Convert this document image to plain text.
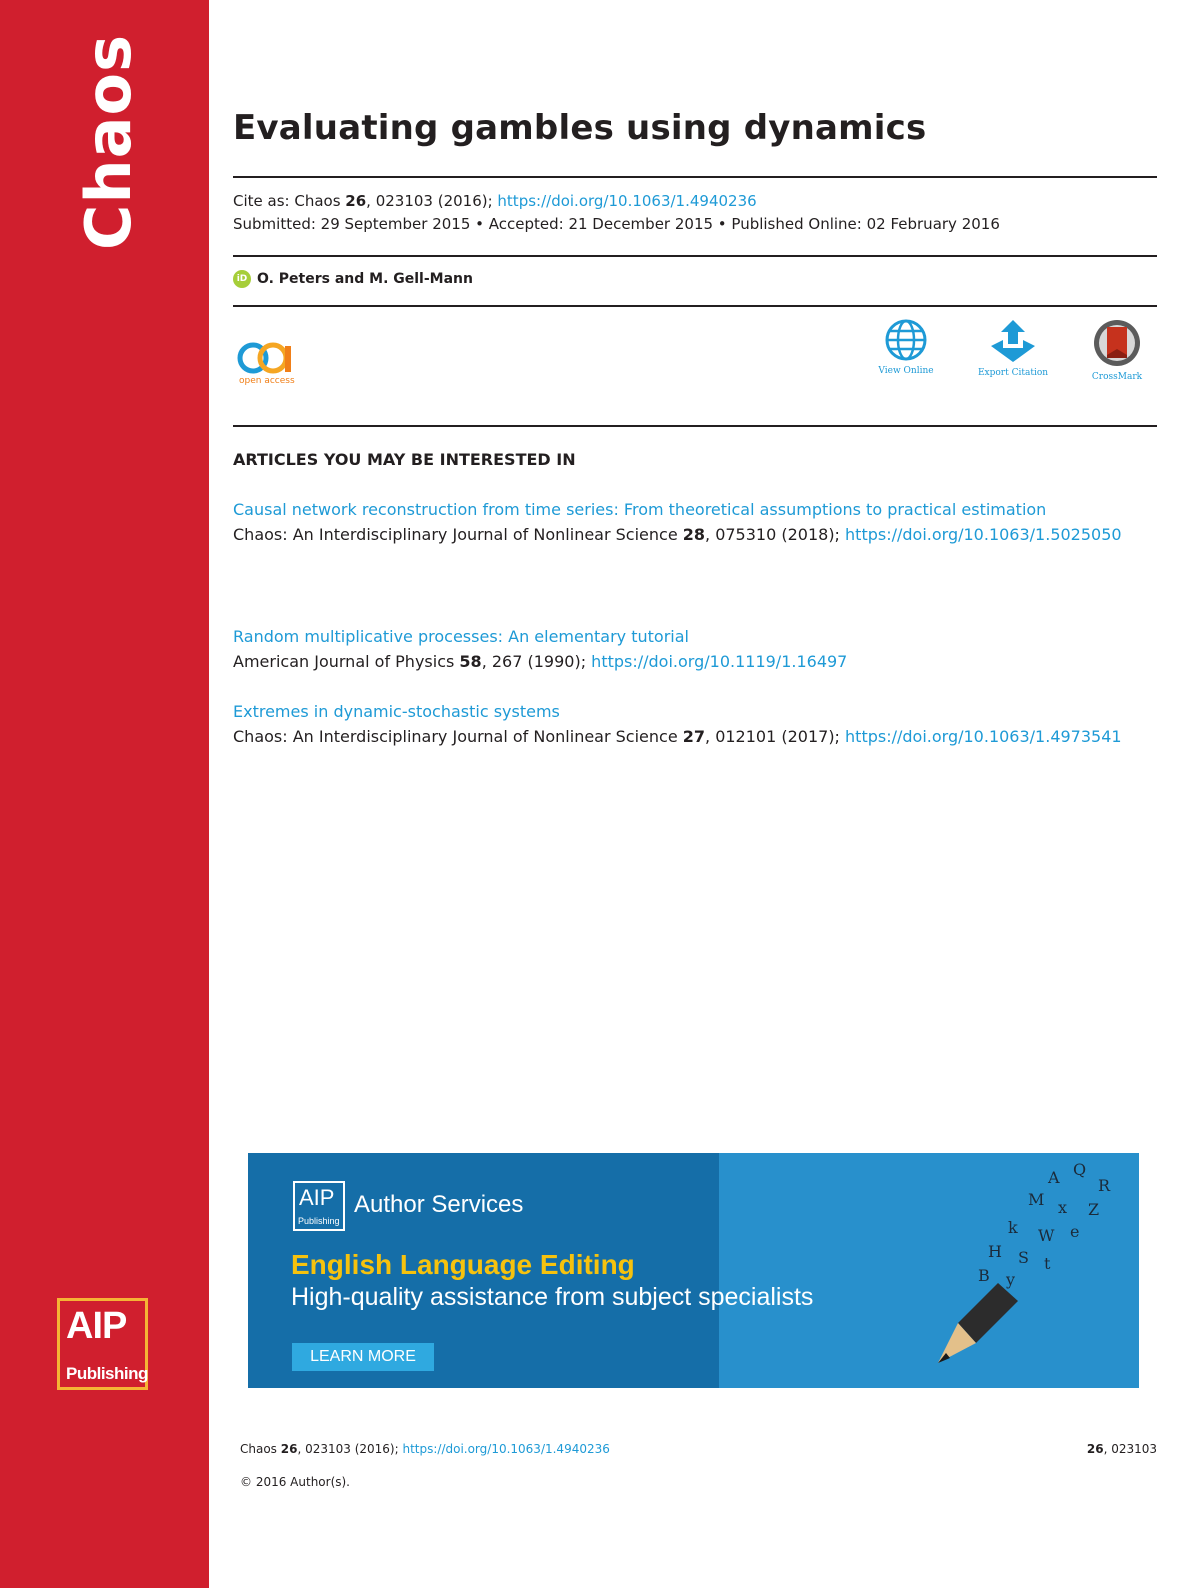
Chaos
AIP
Publishing
Evaluating gambles using dynamics
Cite as: Chaos 26, 023103 (2016); https://doi.org/10.1063/1.4940236
Submitted: 29 September 2015 • Accepted: 21 December 2015 • Published Online: 02 February 2016
iD O. Peters and M. Gell-Mann
open access
View Online	Export Citation	CrossMark
ARTICLES YOU MAY BE INTERESTED IN
Causal network reconstruction from time series: From theoretical assumptions to practical estimation
Chaos: An Interdisciplinary Journal of Nonlinear Science 28, 075310 (2018); https://doi.org/10.1063/1.5025050
Random multiplicative processes: An elementary tutorial
American Journal of Physics 58, 267 (1990); https://doi.org/10.1119/1.16497
Extremes in dynamic-stochastic systems
Chaos: An Interdisciplinary Journal of Nonlinear Science 27, 012101 (2017); https://doi.org/10.1063/1.4973541
A Q
R
M x Z
k W e
H S t
B y
AIP
Publishing
Author Services
English Language Editing
High-quality assistance from subject specialists
LEARN MORE
Chaos 26, 023103 (2016); https://doi.org/10.1063/1.4940236	26, 023103
© 2016 Author(s).
